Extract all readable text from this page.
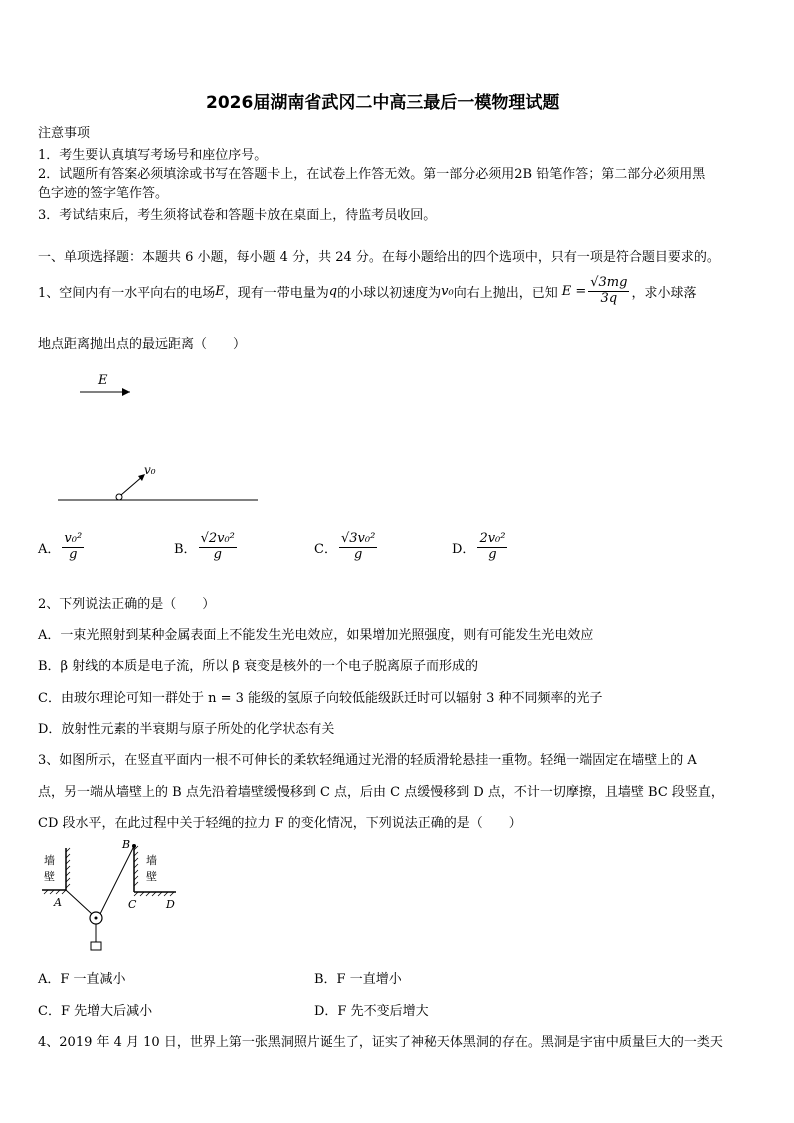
2026届湖南省武冈二中高三最后一模物理试题
注意事项
1．考生要认真填写考场号和座位序号。
2．试题所有答案必须填涂或书写在答题卡上，在试卷上作答无效。第一部分必须用2B 铅笔作答；第二部分必须用黑
色字迹的签字笔作答。
3．考试结束后，考生须将试卷和答题卡放在桌面上，待监考员收回。
一、单项选择题：本题共 6 小题，每小题 4 分，共 24 分。在每小题给出的四个选项中，只有一项是符合题目要求的。
1、空间内有一水平向右的电场 E ，现有一带电量为 q 的小球以初速度为 v₀ 向右上抛出，已知 $E = \frac{√3mg}{3q}$ ，求小球落
地点距离抛出点的最远距离（　　）
E
v₀
A． $\frac{\text{v₀²}}{g}$	B． $\frac{\text{√2v₀²}}{g}$	C． $\frac{\text{√3v₀²}}{g}$	D． $\frac{\text{2v₀²}}{g}$
2、下列说法正确的是（　　）
A．一束光照射到某种金属表面上不能发生光电效应，如果增加光照强度，则有可能发生光电效应
B．β 射线的本质是电子流，所以 β 衰变是核外的一个电子脱离原子而形成的
C．由玻尔理论可知一群处于 n = 3 能级的氢原子向较低能级跃迁时可以辐射 3 种不同频率的光子
D．放射性元素的半衰期与原子所处的化学状态有关
3、如图所示，在竖直平面内一根不可伸长的柔软轻绳通过光滑的轻质滑轮悬挂一重物。轻绳一端固定在墙壁上的 A
点，另一端从墙壁上的 B 点先沿着墙壁缓慢移到 C 点，后由 C 点缓慢移到 D 点，不计一切摩擦，且墙壁 BC 段竖直，
CD 段水平，在此过程中关于轻绳的拉力 F 的变化情况，下列说法正确的是（　　）
墙
壁
A
墙
壁
B
C	D
A．F 一直减小	B．F 一直增小
C．F 先增大后减小	D．F 先不变后增大
4、2019 年 4 月 10 日，世界上第一张黑洞照片诞生了，证实了神秘天体黑洞的存在。黑洞是宇宙中质量巨大的一类天
